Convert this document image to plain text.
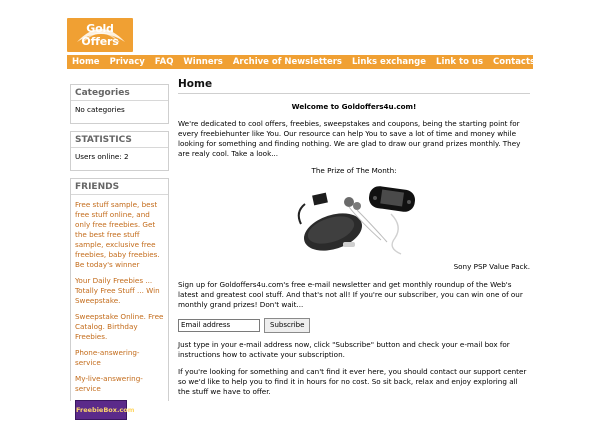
Gold Offers
Home	Privacy	FAQ	Winners	Archive of Newsletters	Links exchange	Link to us	Contacts
Categories
No categories
STATISTICS
Users online: 2
FRIENDS
Free stuff sample, best free stuff online, and only free freebies. Get the best free stuff sample, exclusive free freebies, baby freebies. Be today's winner
Your Daily Freebies ... Totally Free Stuff ... Win Sweepstake.
Sweepstake Online. Free Catalog. Birthday Freebies.
Phone-answering-service
My-live-answering-service
FreebieBox.com
Home
Welcome to Goldoffers4u.com!
We're dedicated to cool offers, freebies, sweepstakes and coupons, being the starting point for every freebiehunter like You. Our resource can help You to save a lot of time and money while looking for something and finding nothing. We are glad to draw our grand prizes monthly. They are realy cool. Take a look...
The Prize of The Month:
Sony PSP Value Pack.
Sign up for Goldoffers4u.com's free e-mail newsletter and get monthly roundup of the Web's latest and greatest cool stuff. And that's not all! If you're our subscriber, you can win one of our monthly grand prizes! Don't wait...
Email address	Subscribe
Just type in your e-mail address now, click "Subscribe" button and check your e-mail box for instructions how to activate your subscription.
If you're looking for something and can't find it ever here, you should contact our support center so we'd like to help you to find it in hours for no cost. So sit back, relax and enjoy exploring all the stuff we have to offer.
